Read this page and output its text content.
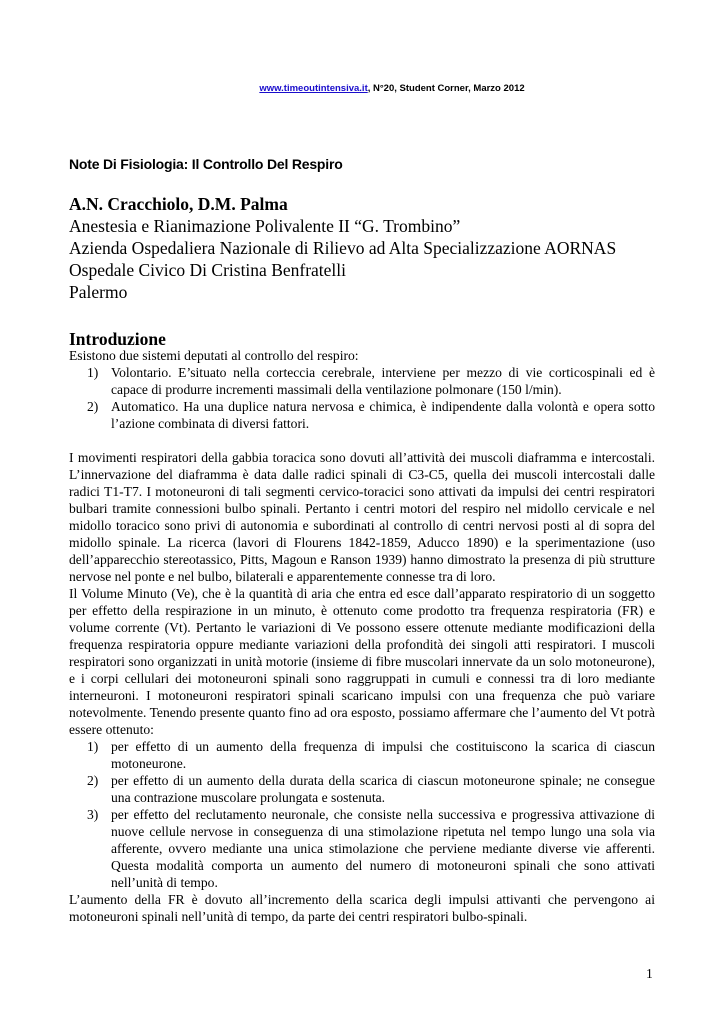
www.timeoutintensiva.it, N°20, Student Corner, Marzo 2012
Note Di Fisiologia: Il Controllo Del Respiro
A.N. Cracchiolo, D.M. Palma
Anestesia e Rianimazione Polivalente II “G. Trombino”
Azienda Ospedaliera Nazionale di Rilievo ad Alta Specializzazione AORNAS
Ospedale Civico Di Cristina Benfratelli
Palermo
Introduzione

Esistono due sistemi deputati al controllo del respiro:

1) Volontario. E’situato nella corteccia cerebrale, interviene per mezzo di vie corticospinali ed è capace di produrre incrementi massimali della ventilazione polmonare (150 l/min).
2) Automatico. Ha una duplice natura nervosa e chimica, è indipendente dalla volontà e opera sotto l’azione combinata di diversi fattori.

I movimenti respiratori della gabbia toracica sono dovuti all’attività dei muscoli diaframma e intercostali. L’innervazione del diaframma è data dalle radici spinali di C3-C5, quella dei muscoli intercostali dalle radici T1-T7. I motoneuroni di tali segmenti cervico-toracici sono attivati da impulsi dei centri respiratori bulbari tramite connessioni bulbo spinali. Pertanto i centri motori del respiro nel midollo cervicale e nel midollo toracico sono privi di autonomia e subordinati al controllo di centri nervosi posti al di sopra del midollo spinale. La ricerca (lavori di Flourens 1842-1859, Aducco 1890) e la sperimentazione (uso dell’apparecchio stereotassico, Pitts, Magoun e Ranson 1939) hanno dimostrato la presenza di più strutture nervose nel ponte e nel bulbo, bilaterali e apparentemente connesse tra di loro.

Il Volume Minuto (Ve), che è la quantità di aria che entra ed esce dall’apparato respiratorio di un soggetto per effetto della respirazione in un minuto, è ottenuto come prodotto tra frequenza respiratoria (FR) e volume corrente (Vt). Pertanto le variazioni di Ve possono essere ottenute mediante modificazioni della frequenza respiratoria oppure mediante variazioni della profondità dei singoli atti respiratori. I muscoli respiratori sono organizzati in unità motorie (insieme di fibre muscolari innervate da un solo motoneurone), e i corpi cellulari dei motoneuroni spinali sono raggruppati in cumuli e connessi tra di loro mediante interneuroni. I motoneuroni respiratori spinali scaricano impulsi con una frequenza che può variare notevolmente. Tenendo presente quanto fino ad ora esposto, possiamo affermare che l’aumento del Vt potrà essere ottenuto:

1) per effetto di un aumento della frequenza di impulsi che costituiscono la scarica di ciascun motoneurone.
2) per effetto di un aumento della durata della scarica di ciascun motoneurone spinale; ne consegue una contrazione muscolare prolungata e sostenuta.
3) per effetto del reclutamento neuronale, che consiste nella successiva e progressiva attivazione di nuove cellule nervose in conseguenza di una stimolazione ripetuta nel tempo lungo una sola via afferente, ovvero mediante una unica stimolazione che perviene mediante diverse vie afferenti. Questa modalità comporta un aumento del numero di motoneuroni spinali che sono attivati nell’unità di tempo.

L’aumento della FR è dovuto all’incremento della scarica degli impulsi attivanti che pervengono ai motoneuroni spinali nell’unità di tempo, da parte dei centri respiratori bulbo-spinali.

1
